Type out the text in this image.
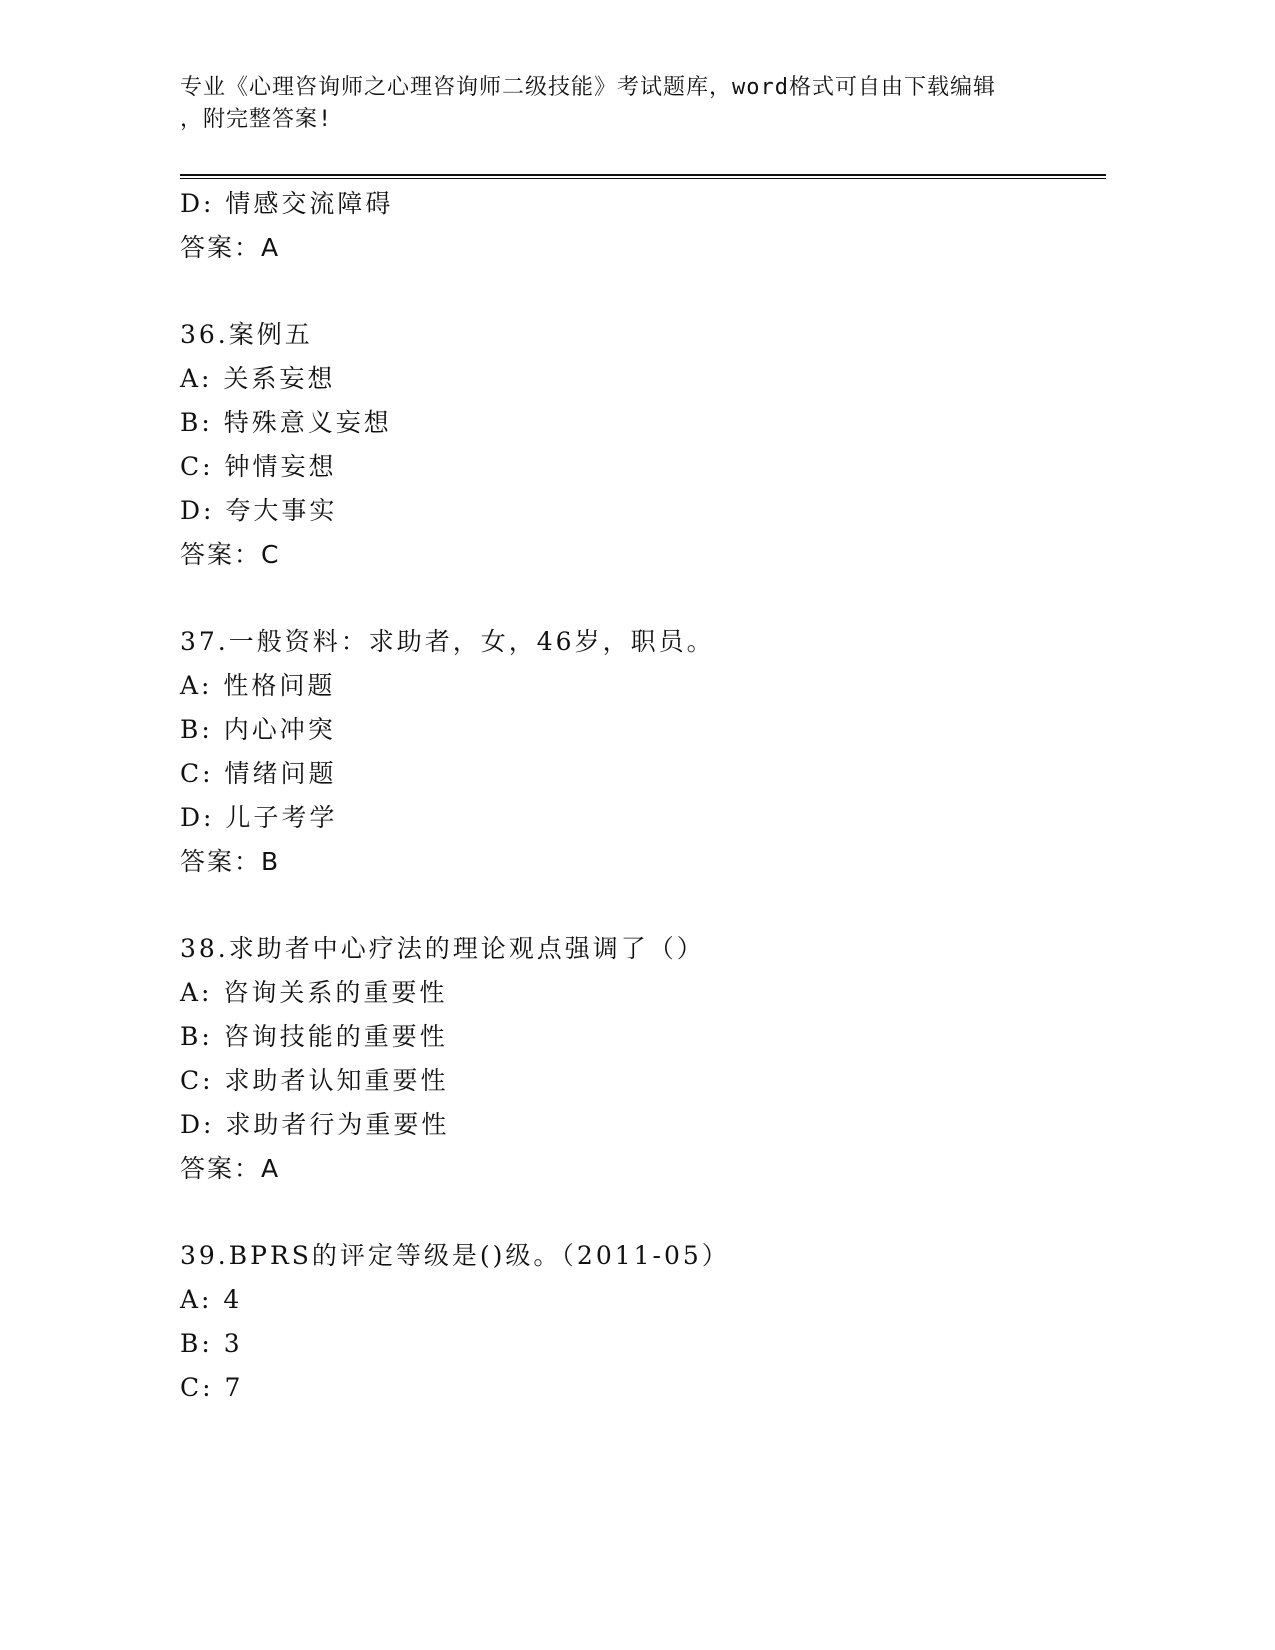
专业《心理咨询师之心理咨询师二级技能》考试题库，word格式可自由下载编辑
，附完整答案!
D: 情感交流障碍
答案：A
36.案例五
A: 关系妄想
B: 特殊意义妄想
C: 钟情妄想
D: 夸大事实
答案：C
37.一般资料：求助者，女，46岁，职员。
A: 性格问题
B: 内心冲突
C: 情绪问题
D: 儿子考学
答案：B
38.求助者中心疗法的理论观点强调了（）
A: 咨询关系的重要性
B: 咨询技能的重要性
C: 求助者认知重要性
D: 求助者行为重要性
答案：A
39.BPRS的评定等级是()级。（2011-05）
A: 4
B: 3
C: 7
